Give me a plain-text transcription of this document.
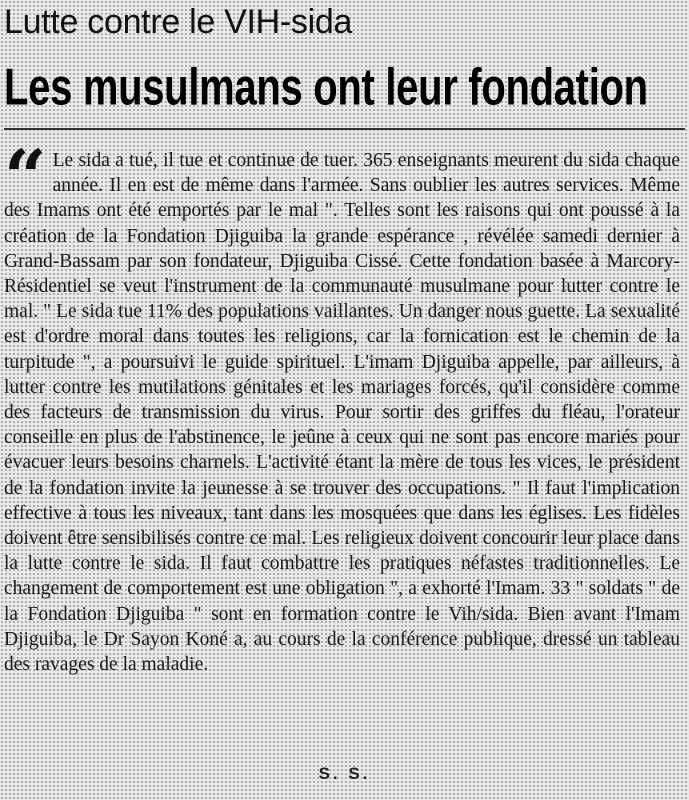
Lutte contre le VIH-sida
Les musulmans ont leur fondation
“ Le sida a tué, il tue et continue de tuer. 365 enseignants meurent du sida chaque année. Il en est de même dans l'armée. Sans oublier les autres services. Même des Imams ont été emportés par le mal ". Telles sont les raisons qui ont poussé à la création de la Fondation Djiguiba la grande espérance , révélée samedi dernier à Grand-Bassam par son fondateur, Djiguiba Cissé. Cette fondation basée à Marcory-Résidentiel se veut l'instrument de la communauté musulmane pour lutter contre le mal. " Le sida tue 11% des populations vaillantes. Un danger nous guette. La sexualité est d'ordre moral dans toutes les religions, car la fornication est le chemin de la turpitude ", a poursuivi le guide spirituel. L'imam Djiguiba appelle, par ailleurs, à lutter contre les mutilations génitales et les mariages forcés, qu'il considère comme des facteurs de transmission du virus. Pour sortir des griffes du fléau, l'orateur conseille en plus de l'abstinence, le jeûne à ceux qui ne sont pas encore mariés pour évacuer leurs besoins charnels. L'activité étant la mère de tous les vices, le président de la fondation invite la jeunesse à se trouver des occupations. " Il faut l'implication effective à tous les niveaux, tant dans les mosquées que dans les églises. Les fidèles doivent être sensibilisés contre ce mal. Les religieux doivent concourir leur place dans la lutte contre le sida. Il faut combattre les pratiques néfastes traditionnelles. Le changement de comportement est une obligation ", a exhorté l'Imam. 33 " soldats " de la Fondation Djiguiba " sont en formation contre le Vih/sida. Bien avant l'Imam Djiguiba, le Dr Sayon Koné a, au cours de la conférence publique, dressé un tableau des ravages de la maladie.

S. S.
